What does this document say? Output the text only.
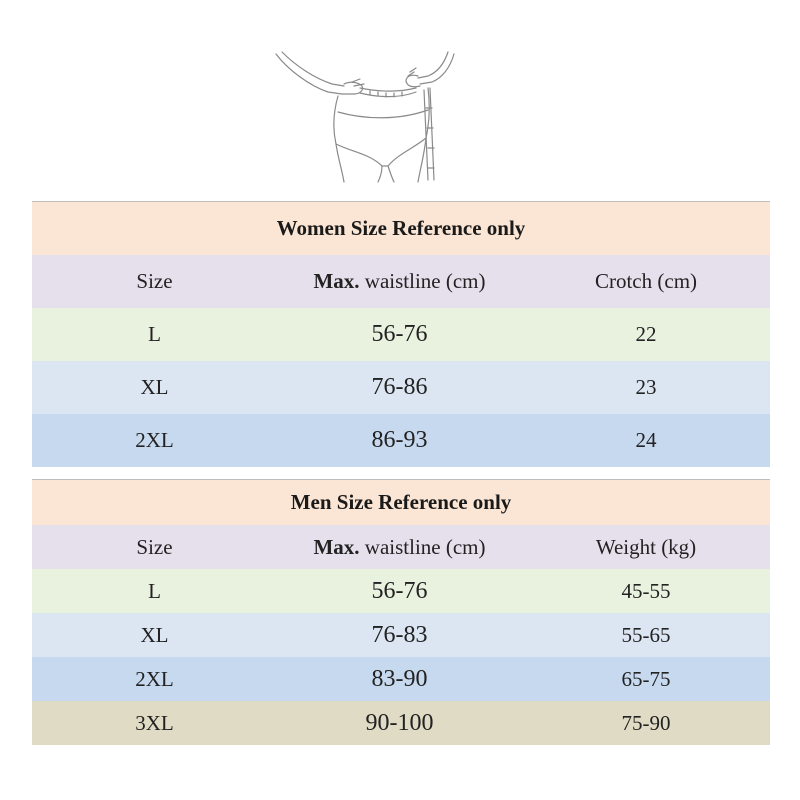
Women Size Reference only
Size	Max. waistline (cm)	Crotch (cm)
L	56-76	22
XL	76-86	23
2XL	86-93	24
Men Size Reference only
Size	Max. waistline (cm)	Weight (kg)
L	56-76	45-55
XL	76-83	55-65
2XL	83-90	65-75
3XL	90-100	75-90
